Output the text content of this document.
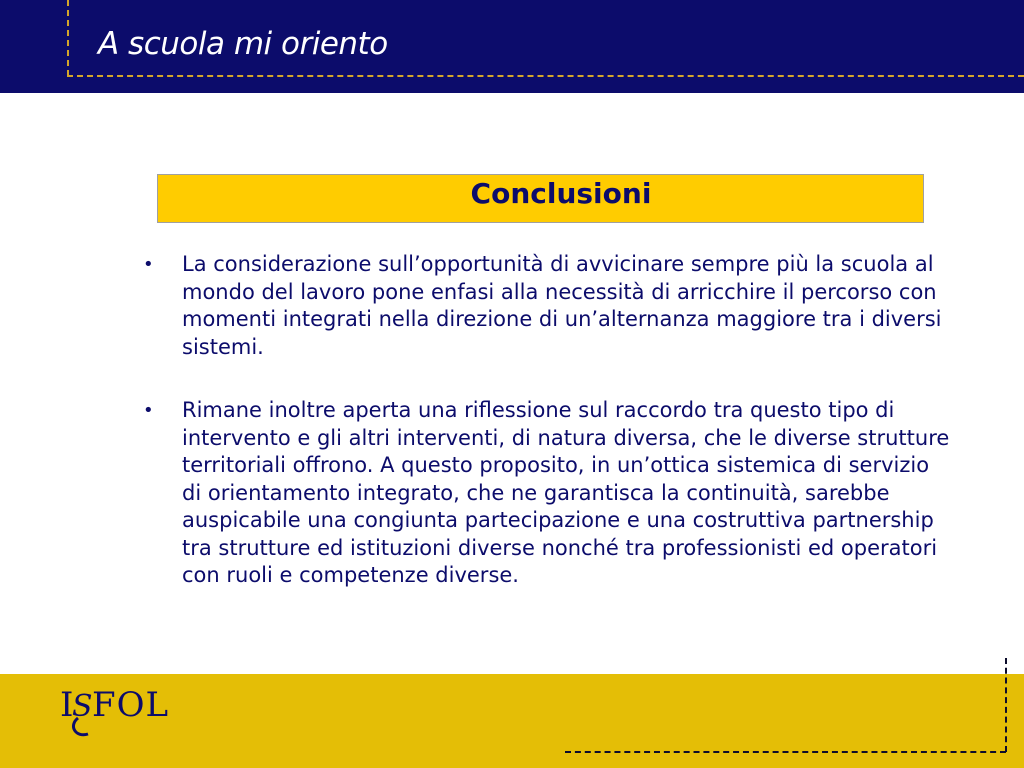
A scuola mi oriento
Conclusioni
• La considerazione sull’opportunità di avvicinare sempre più la scuola al mondo del lavoro pone enfasi alla necessità di arricchire il percorso con momenti integrati nella direzione di un’alternanza maggiore tra i diversi sistemi.
• Rimane inoltre aperta una riflessione sul raccordo tra questo tipo di intervento e gli altri interventi, di natura diversa, che le diverse strutture territoriali offrono. A questo proposito, in un’ottica sistemica di servizio di orientamento integrato, che ne garantisca la continuità, sarebbe auspicabile una congiunta partecipazione e una costruttiva partnership tra strutture ed istituzioni diverse nonché tra professionisti ed operatori con ruoli e competenze diverse.
I
S FOL
